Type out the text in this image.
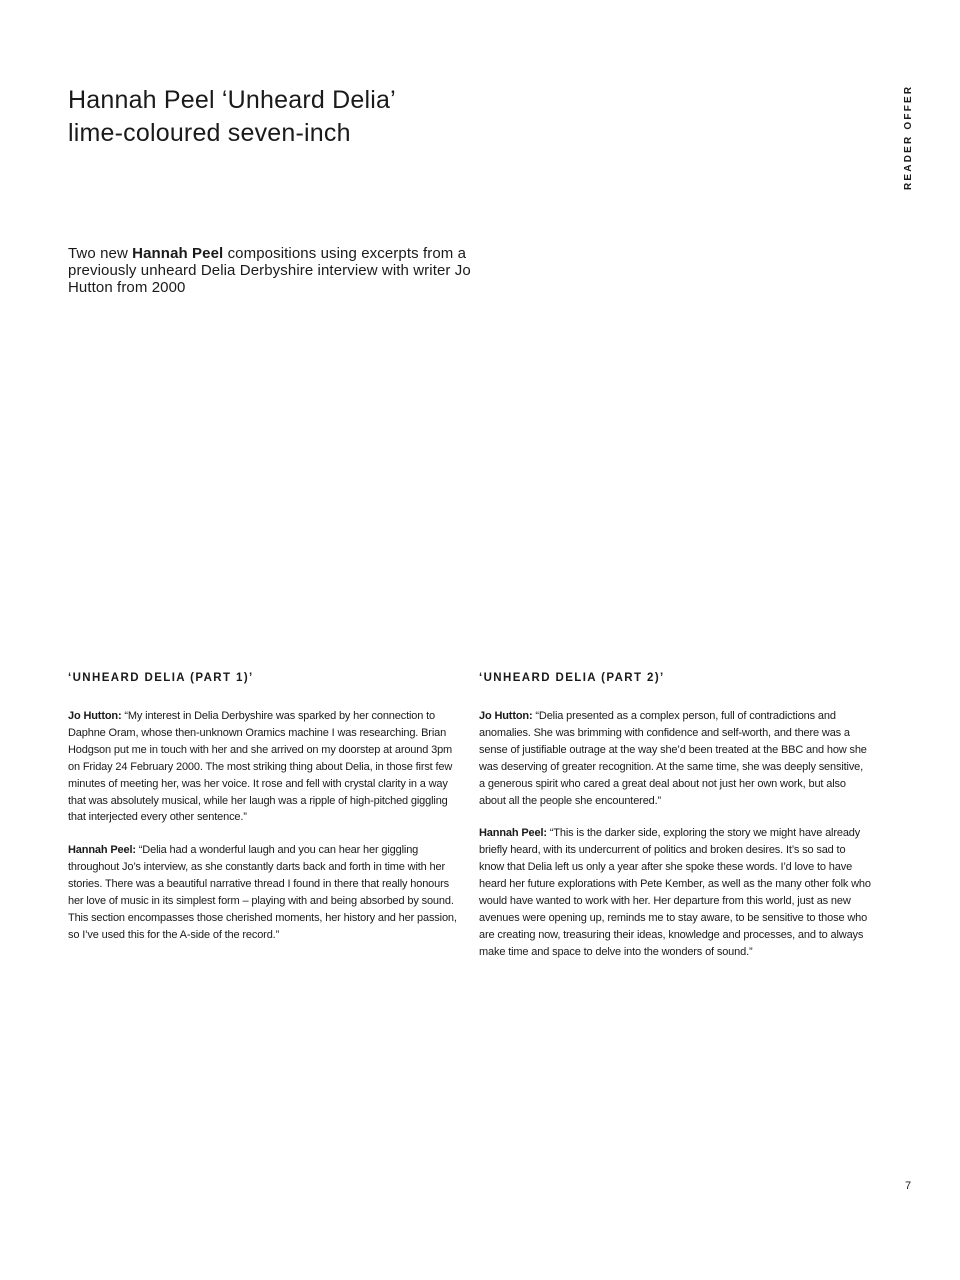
Hannah Peel ‘Unheard Delia’
lime-coloured seven-inch	READER OFFER

Two new Hannah Peel compositions using excerpts from a previously unheard Delia Derbyshire interview with writer Jo Hutton from 2000

‘UNHEARD DELIA (PART 1)’

Jo Hutton: “My interest in Delia Derbyshire was sparked by her connection to Daphne Oram, whose then-unknown Oramics machine I was researching. Brian Hodgson put me in touch with her and she arrived on my doorstep at around 3pm on Friday 24 February 2000. The most striking thing about Delia, in those first few minutes of meeting her, was her voice. It rose and fell with crystal clarity in a way that was absolutely musical, while her laugh was a ripple of high-pitched giggling that interjected every other sentence.”

Hannah Peel: “Delia had a wonderful laugh and you can hear her giggling throughout Jo’s interview, as she constantly darts back and forth in time with her stories. There was a beautiful narrative thread I found in there that really honours her love of music in its simplest form – playing with and being absorbed by sound. This section encompasses those cherished moments, her history and her passion, so I’ve used this for the A-side of the record.”

‘UNHEARD DELIA (PART 2)’

Jo Hutton: “Delia presented as a complex person, full of contradictions and anomalies. She was brimming with confidence and self-worth, and there was a sense of justifiable outrage at the way she’d been treated at the BBC and how she was deserving of greater recognition. At the same time, she was deeply sensitive, a generous spirit who cared a great deal about not just her own work, but also about all the people she encountered.”

Hannah Peel: “This is the darker side, exploring the story we might have already briefly heard, with its undercurrent of politics and broken desires. It’s so sad to know that Delia left us only a year after she spoke these words. I’d love to have heard her future explorations with Pete Kember, as well as the many other folk who would have wanted to work with her. Her departure from this world, just as new avenues were opening up, reminds me to stay aware, to be sensitive to those who are creating now, treasuring their ideas, knowledge and processes, and to always make time and space to delve into the wonders of sound.”

7
